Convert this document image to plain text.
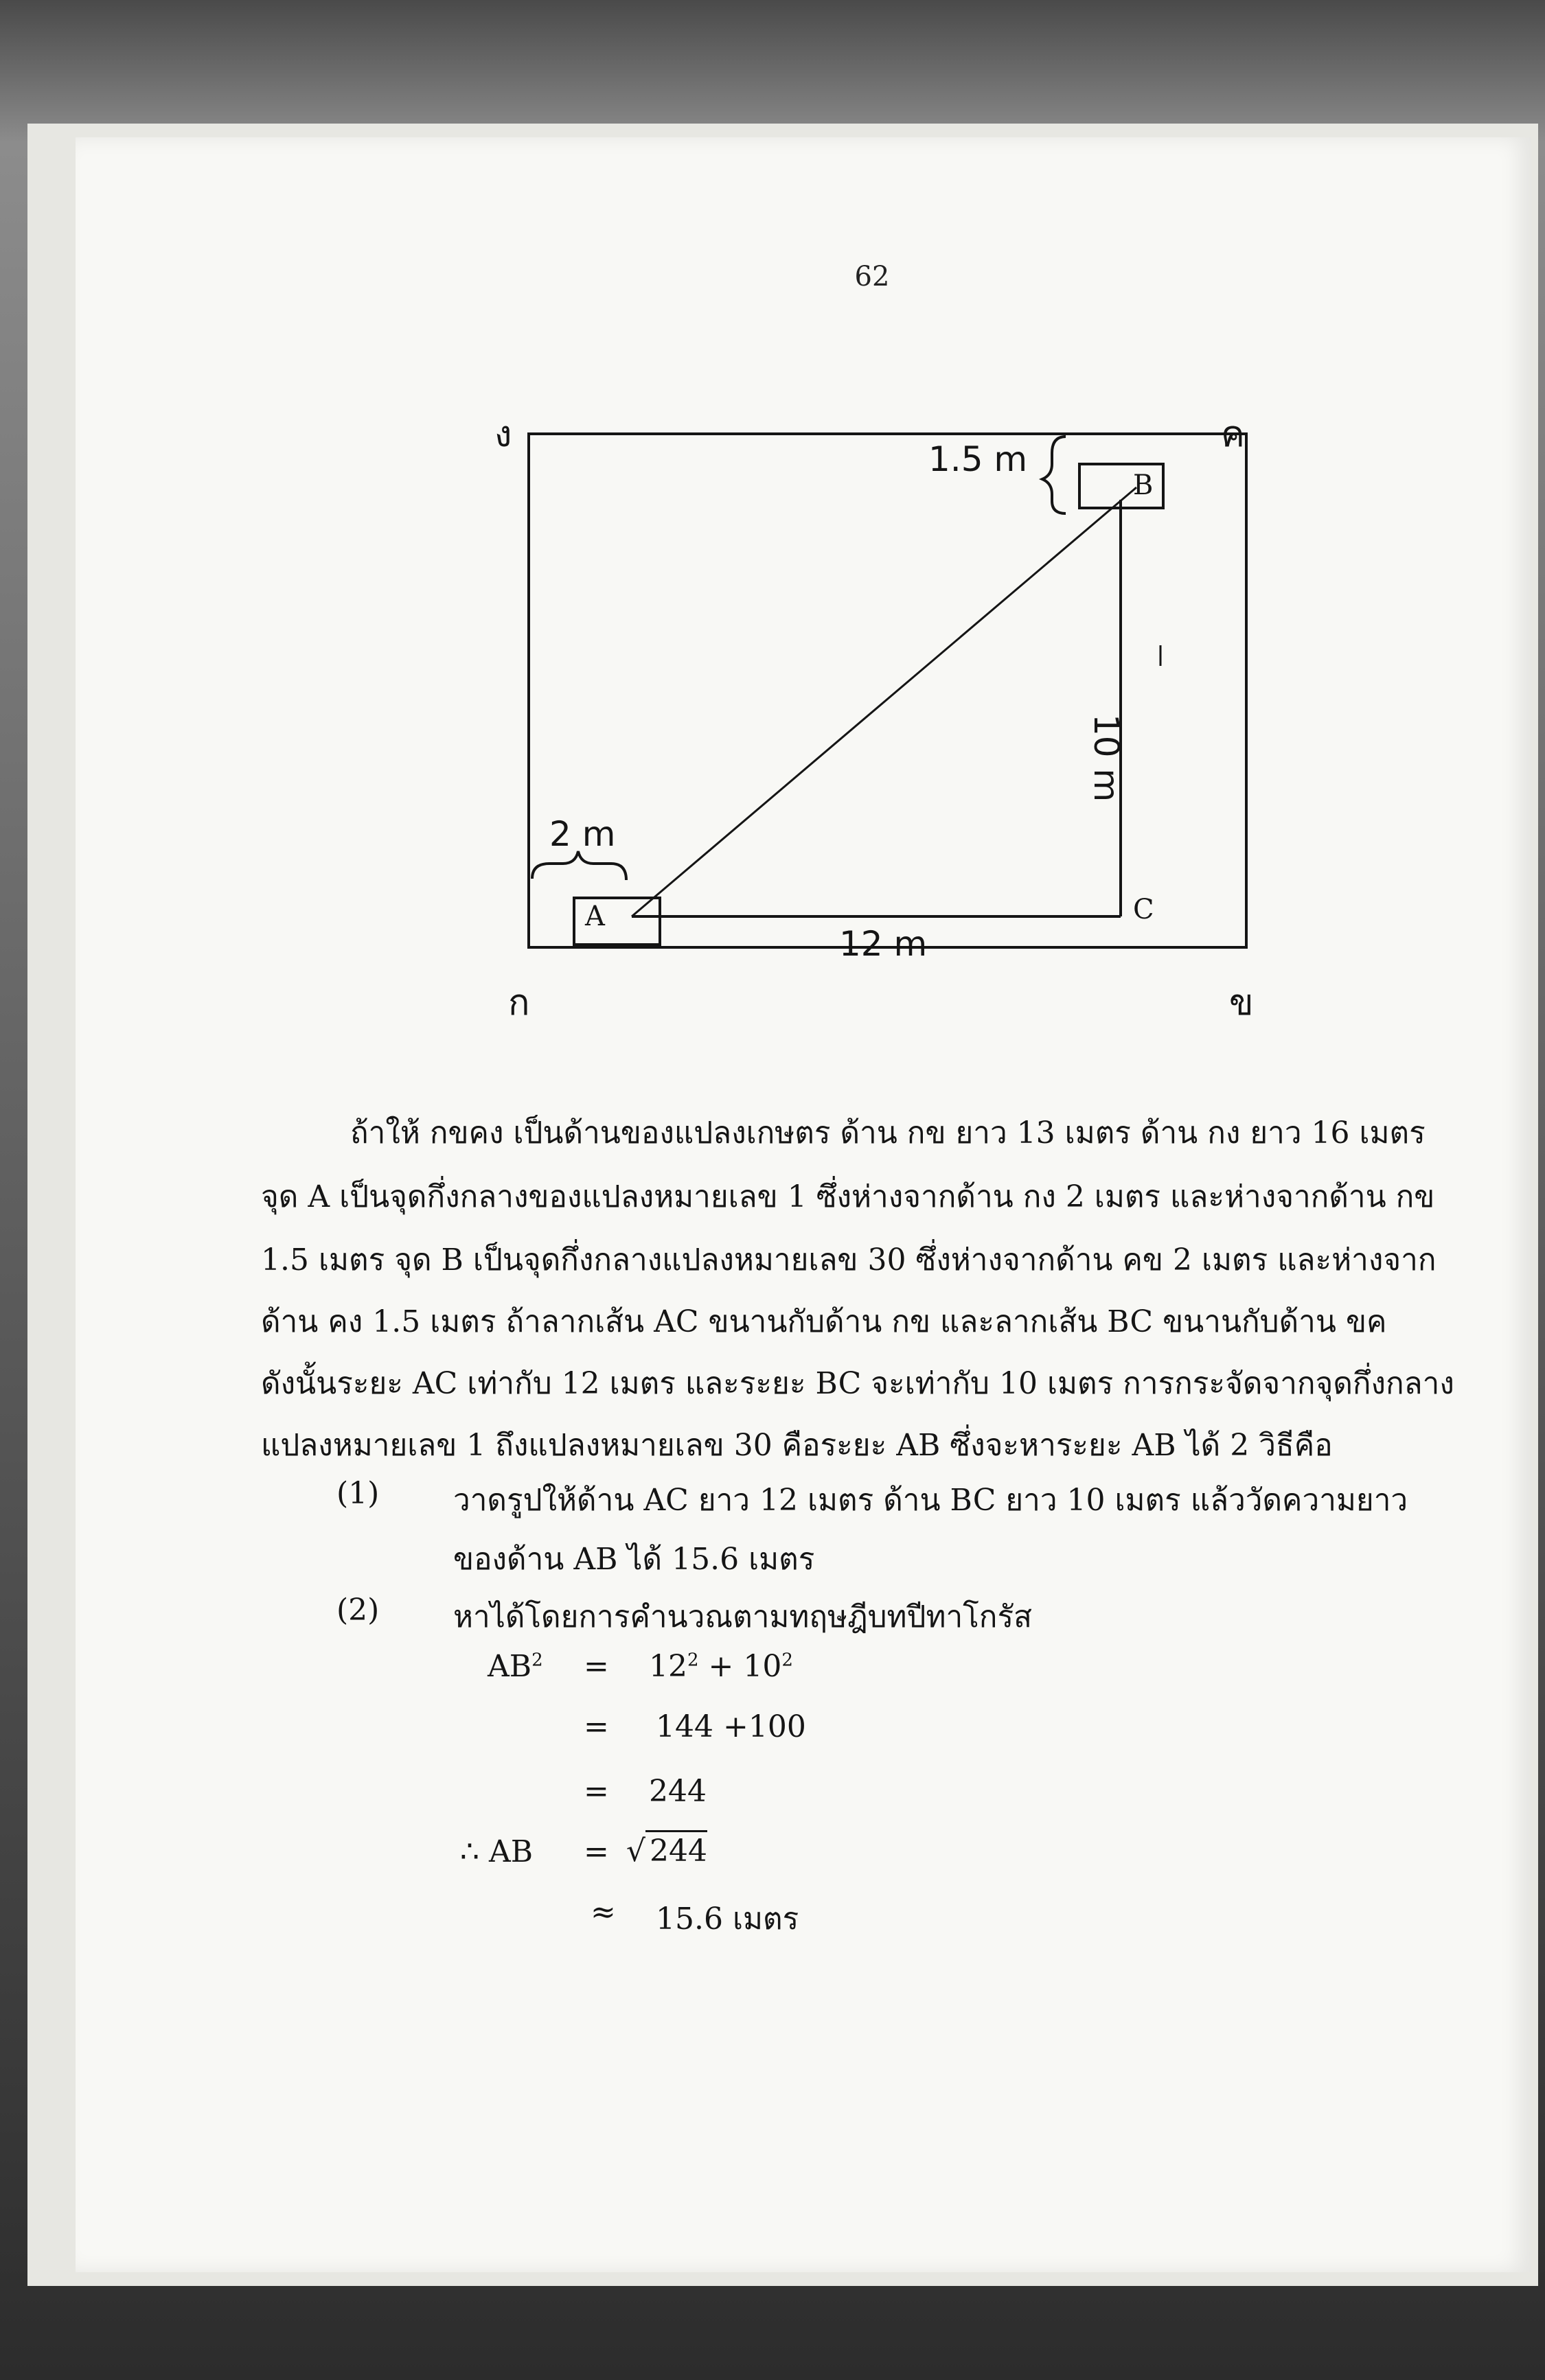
62
ง	ค
ก	ข
1.5 m
10 m
2 m
12 m
A
B
C
ถ้าให้ กขคง เป็นด้านของแปลงเกษตร ด้าน กข ยาว 13 เมตร ด้าน กง ยาว 16 เมตร
จุด A เป็นจุดกึ่งกลางของแปลงหมายเลข 1 ซึ่งห่างจากด้าน กง 2 เมตร และห่างจากด้าน กข
1.5 เมตร จุด B เป็นจุดกึ่งกลางแปลงหมายเลข 30 ซึ่งห่างจากด้าน คข 2 เมตร และห่างจาก
ด้าน คง 1.5 เมตร ถ้าลากเส้น AC ขนานกับด้าน กข และลากเส้น BC ขนานกับด้าน ขค
ดังนั้นระยะ AC เท่ากับ 12 เมตร และระยะ BC จะเท่ากับ 10 เมตร การกระจัดจากจุดกึ่งกลาง
แปลงหมายเลข 1 ถึงแปลงหมายเลข 30 คือระยะ AB ซึ่งจะหาระยะ AB ได้ 2 วิธีคือ
(1) วาดรูปให้ด้าน AC ยาว 12 เมตร ด้าน BC ยาว 10 เมตร แล้ววัดความยาว
ของด้าน AB ได้ 15.6 เมตร
(2) หาได้โดยการคำนวณตามทฤษฎีบทปีทาโกรัส
$AB^2 = 12^2 + 10^2$
= 144 +100
= 244
∴ AB = √ 244
≈ 15.6 เมตร
